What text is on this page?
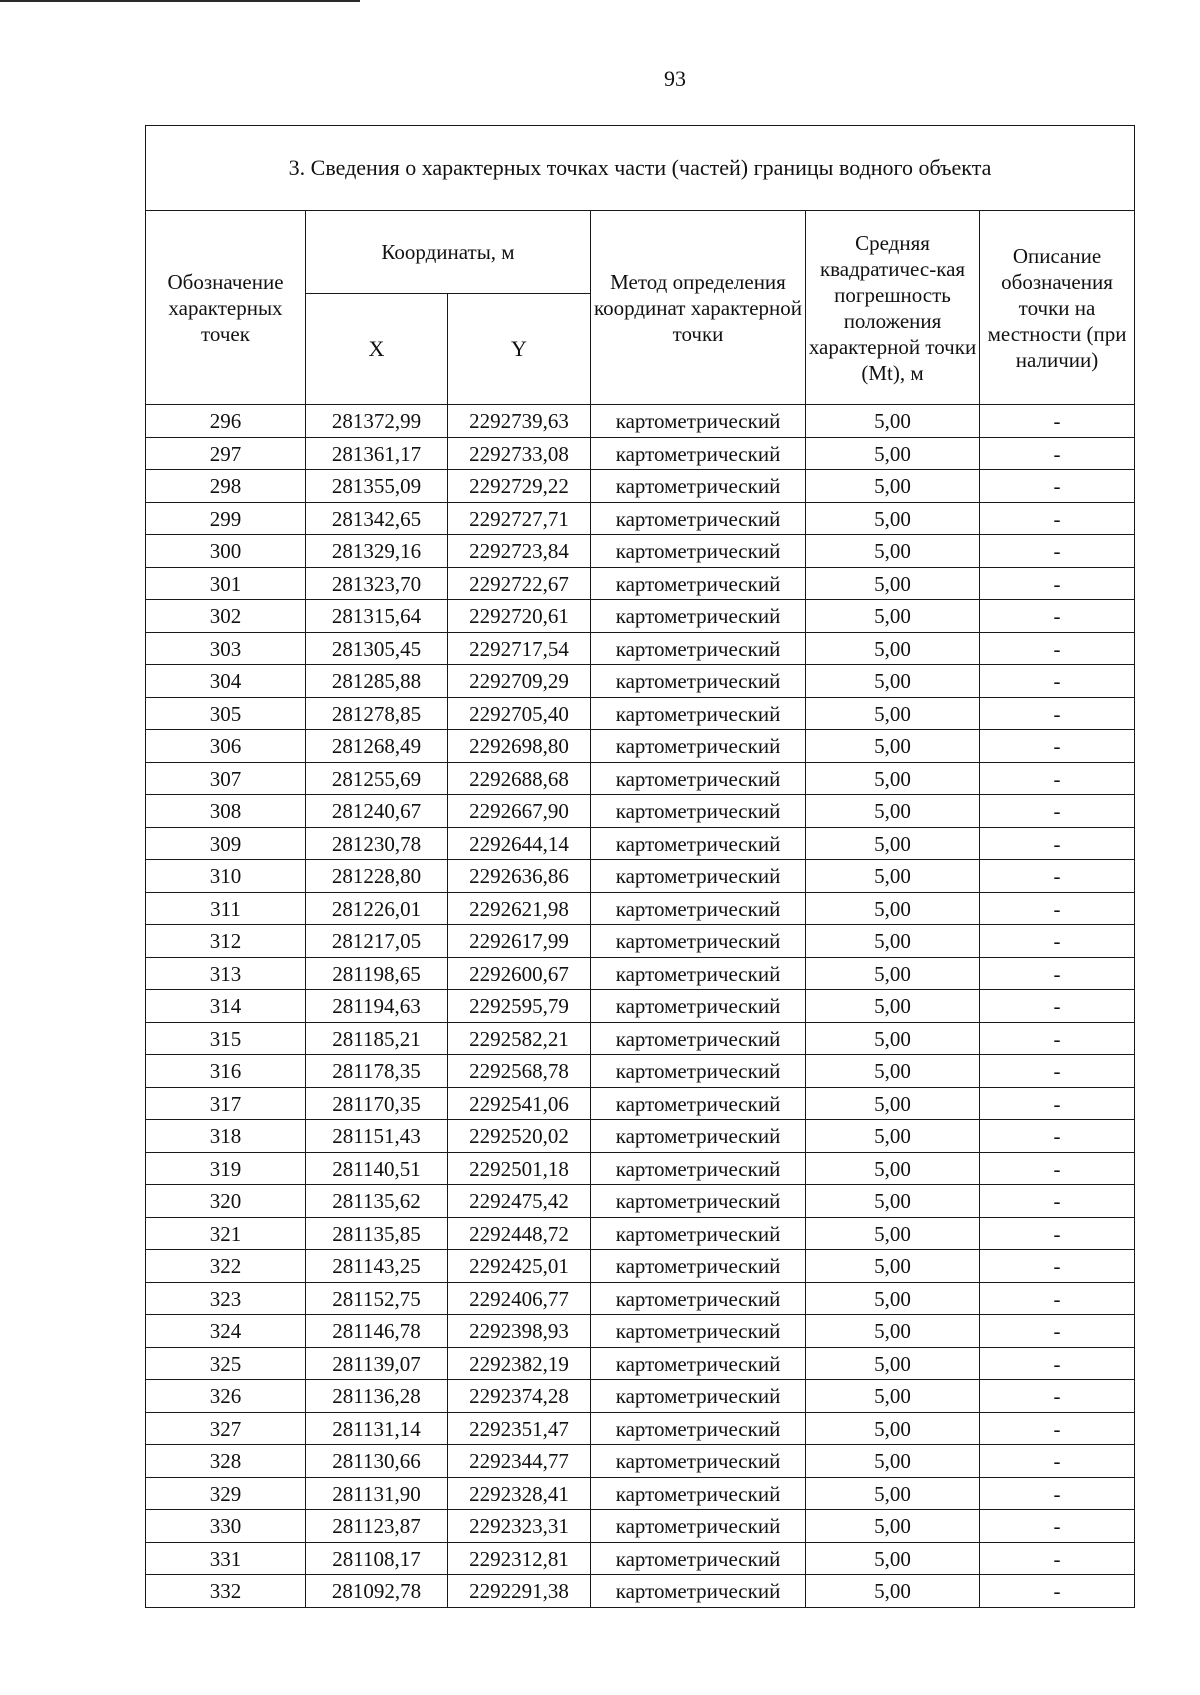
93
3. Сведения о характерных точках части (частей) границы водного объекта					
Обозначение характерных точек	Координаты, м		Метод определения координат характерной точки	Средняя квадратичес-кая погрешность положения характерной точки (Mt), м	Описание обозначения точки на местности (при наличии)
	X	Y			
296	281372,99	2292739,63	картометрический	5,00	-
297	281361,17	2292733,08	картометрический	5,00	-
298	281355,09	2292729,22	картометрический	5,00	-
299	281342,65	2292727,71	картометрический	5,00	-
300	281329,16	2292723,84	картометрический	5,00	-
301	281323,70	2292722,67	картометрический	5,00	-
302	281315,64	2292720,61	картометрический	5,00	-
303	281305,45	2292717,54	картометрический	5,00	-
304	281285,88	2292709,29	картометрический	5,00	-
305	281278,85	2292705,40	картометрический	5,00	-
306	281268,49	2292698,80	картометрический	5,00	-
307	281255,69	2292688,68	картометрический	5,00	-
308	281240,67	2292667,90	картометрический	5,00	-
309	281230,78	2292644,14	картометрический	5,00	-
310	281228,80	2292636,86	картометрический	5,00	-
311	281226,01	2292621,98	картометрический	5,00	-
312	281217,05	2292617,99	картометрический	5,00	-
313	281198,65	2292600,67	картометрический	5,00	-
314	281194,63	2292595,79	картометрический	5,00	-
315	281185,21	2292582,21	картометрический	5,00	-
316	281178,35	2292568,78	картометрический	5,00	-
317	281170,35	2292541,06	картометрический	5,00	-
318	281151,43	2292520,02	картометрический	5,00	-
319	281140,51	2292501,18	картометрический	5,00	-
320	281135,62	2292475,42	картометрический	5,00	-
321	281135,85	2292448,72	картометрический	5,00	-
322	281143,25	2292425,01	картометрический	5,00	-
323	281152,75	2292406,77	картометрический	5,00	-
324	281146,78	2292398,93	картометрический	5,00	-
325	281139,07	2292382,19	картометрический	5,00	-
326	281136,28	2292374,28	картометрический	5,00	-
327	281131,14	2292351,47	картометрический	5,00	-
328	281130,66	2292344,77	картометрический	5,00	-
329	281131,90	2292328,41	картометрический	5,00	-
330	281123,87	2292323,31	картометрический	5,00	-
331	281108,17	2292312,81	картометрический	5,00	-
332	281092,78	2292291,38	картометрический	5,00	-
